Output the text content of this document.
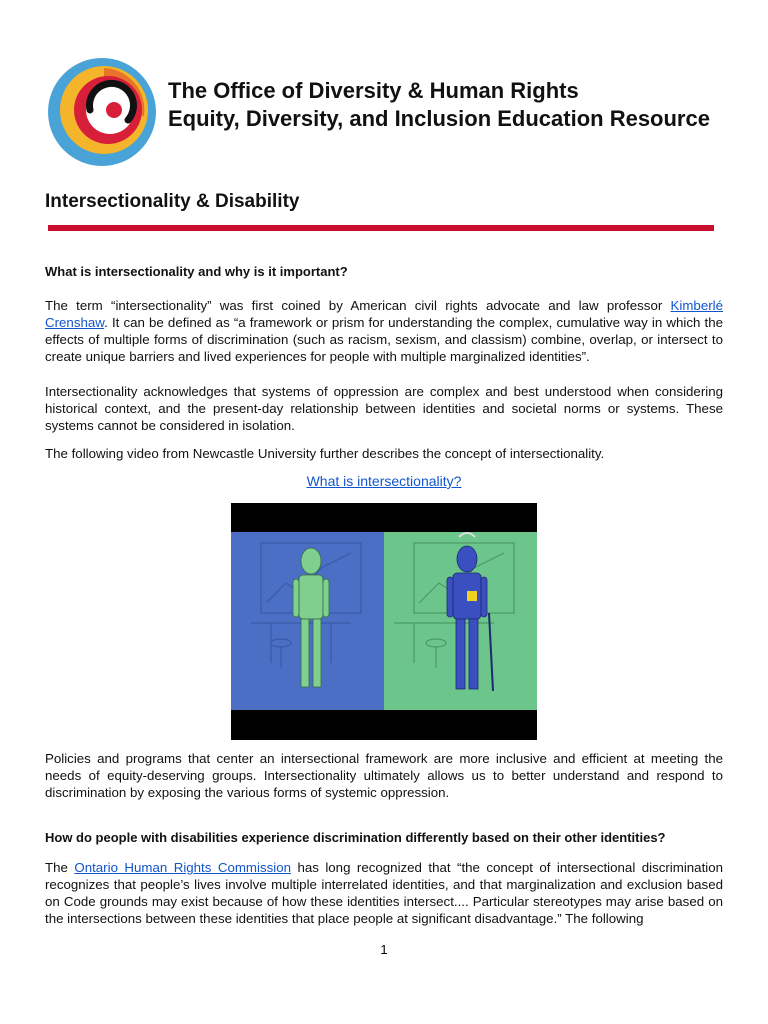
The Office of Diversity & Human Rights
Equity, Diversity, and Inclusion Education Resource
Intersectionality & Disability
What is intersectionality and why is it important?
The term “intersectionality” was first coined by American civil rights advocate and law professor Kimberlé Crenshaw. It can be defined as “a framework or prism for understanding the complex, cumulative way in which the effects of multiple forms of discrimination (such as racism, sexism, and classism) combine, overlap, or intersect to create unique barriers and lived experiences for people with multiple marginalized identities”.
Intersectionality acknowledges that systems of oppression are complex and best understood when considering historical context, and the present-day relationship between identities and societal norms or systems. These systems cannot be considered in isolation.
The following video from Newcastle University further describes the concept of intersectionality.
What is intersectionality?
Policies and programs that center an intersectional framework are more inclusive and efficient at meeting the needs of equity-deserving groups. Intersectionality ultimately allows us to better understand and respond to discrimination by exposing the various forms of systemic oppression.
How do people with disabilities experience discrimination differently based on their other identities?
The Ontario Human Rights Commission has long recognized that “the concept of intersectional discrimination recognizes that people’s lives involve multiple interrelated identities, and that marginalization and exclusion based on Code grounds may exist because of how these identities intersect.... Particular stereotypes may arise based on the intersections between these identities that place people at significant disadvantage.” The following
1
